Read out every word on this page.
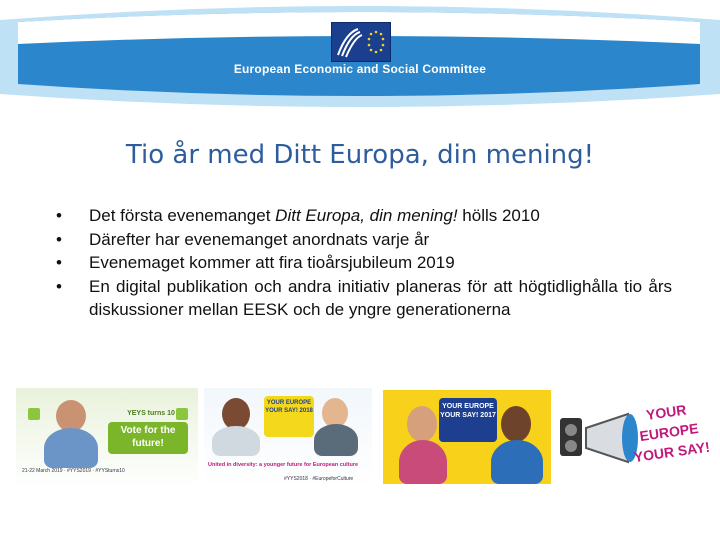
European Economic and Social Committee
Tio år med Ditt Europa, din mening!
• Det första evenemanget Ditt Europa, din mening! hölls 2010
• Därefter har evenemanget anordnats varje år
• Evenemaget kommer att fira tioårsjubileum 2019
• En digital publikation och andra initiativ planeras för att högtidlighålla tio års diskussioner mellan EESK och de yngre generationerna
YEYS turns 10
Vote for the future!
21-22 March 2019 · #YYS2019 · #YYSturns10
YOUR EUROPE YOUR SAY! 2018
United in diversity: a younger future for European culture
#YYS2018 · #EuropeforCulture
YOUR EUROPE YOUR SAY! 2017	YOUR EUROPE YOUR SAY!
